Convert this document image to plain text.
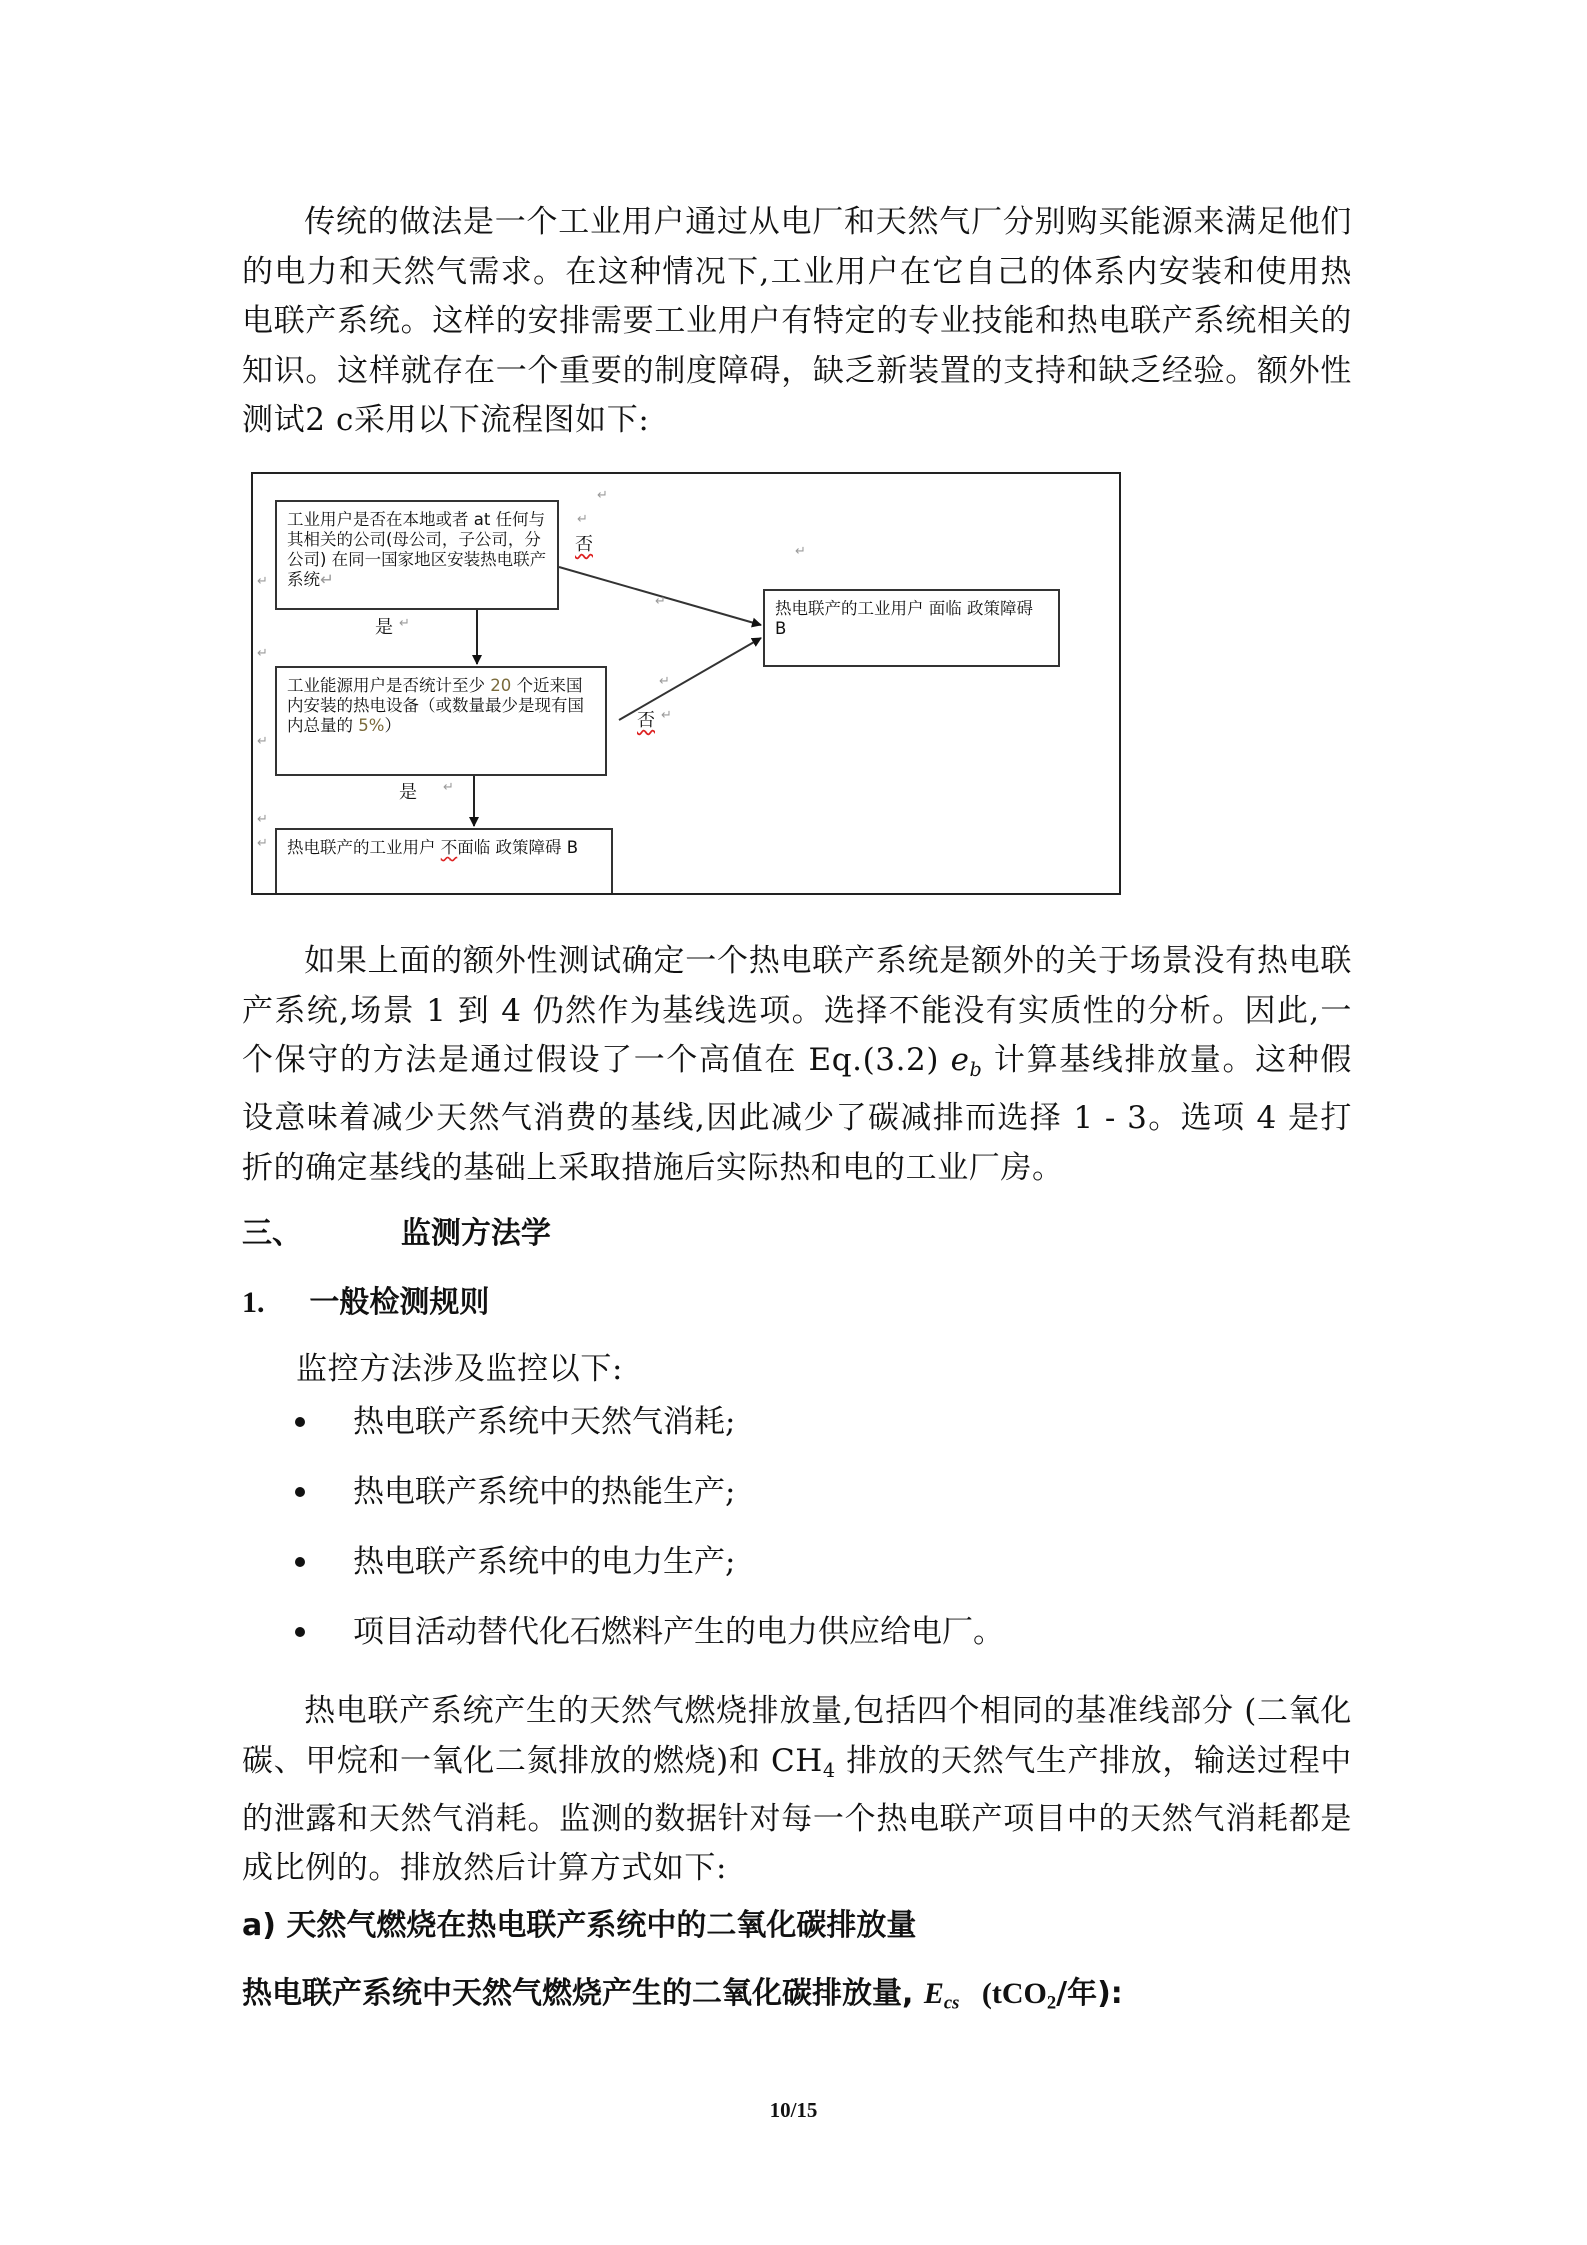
传统的做法是一个工业用户通过从电厂和天然气厂分别购买能源来满足他们的电力和天然气需求。在这种情况下,工业用户在它自己的体系内安装和使用热电联产系统。这样的安排需要工业用户有特定的专业技能和热电联产系统相关的知识。这样就存在一个重要的制度障碍，缺乏新装置的支持和缺乏经验。额外性测试2 c采用以下流程图如下:
工业用户是否在本地或者 at 任何与其相关的公司(母公司，子公司，分公司) 在同一国家地区安装热电联产系统↵
工业能源用户是否统计至少 20 个近来国内安装的热电设备（或数量最少是现有国内总量的 5%）
热电联产的工业用户 不面临 政策障碍 B
热电联产的工业用户 面临 政策障碍 B
是
是
否
否
↵
↵
↵
↵
↵
↵
↵
↵
↵
↵
↵
↵
↵
如果上面的额外性测试确定一个热电联产系统是额外的关于场景没有热电联产系统,场景 1 到 4 仍然作为基线选项。选择不能没有实质性的分析。因此,一个保守的方法是通过假设了一个高值在 Eq.(3.2) $e_b$ 计算基线排放量。这种假设意味着减少天然气消费的基线,因此减少了碳减排而选择 1 - 3。选项 4 是打折的确定基线的基础上采取措施后实际热和电的工业厂房。
三、	监测方法学
1. 一般检测规则
监控方法涉及监控以下:
热电联产系统中天然气消耗;
热电联产系统中的热能生产;
热电联产系统中的电力生产;
项目活动替代化石燃料产生的电力供应给电厂。
热电联产系统产生的天然气燃烧排放量,包括四个相同的基准线部分 (二氧化碳、甲烷和一氧化二氮排放的燃烧)和 $CH_4$ 排放的天然气生产排放，输送过程中的泄露和天然气消耗。监测的数据针对每一个热电联产项目中的天然气消耗都是成比例的。排放然后计算方式如下:
a) 天然气燃烧在热电联产系统中的二氧化碳排放量
热电联产系统中天然气燃烧产生的二氧化碳排放量, $E_{cs}$   (tCO$_2$/年):
10/15
